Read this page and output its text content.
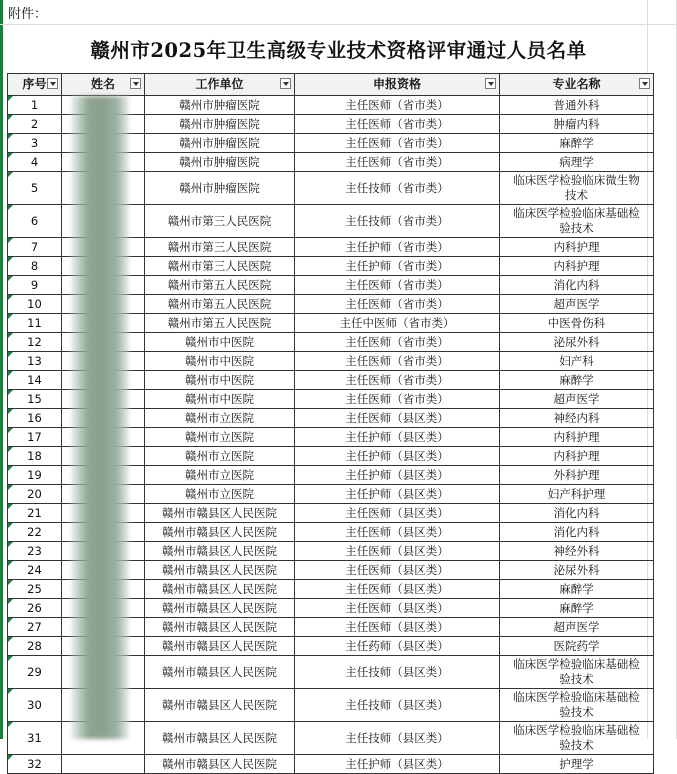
附件：
赣州市2025年卫生高级专业技术资格评审通过人员名单
序号	姓名	工作单位	申报资格	专业名称

1		赣州市肿瘤医院	主任医师（省市类）	普通外科
2		赣州市肿瘤医院	主任医师（省市类）	肿瘤内科
3		赣州市肿瘤医院	主任医师（省市类）	麻醉学
4		赣州市肿瘤医院	主任医师（省市类）	病理学
5		赣州市肿瘤医院	主任技师（省市类）	临床医学检验临床微生物
技术

6		赣州市第三人民医院	主任技师（省市类）	临床医学检验临床基础检
验技术

7		赣州市第三人民医院	主任护师（省市类）	内科护理
8		赣州市第三人民医院	主任护师（省市类）	内科护理
9		赣州市第五人民医院	主任医师（省市类）	消化内科
10		赣州市第五人民医院	主任医师（省市类）	超声医学
11		赣州市第五人民医院	主任中医师（省市类）	中医骨伤科
12		赣州市中医院	主任医师（省市类）	泌尿外科
13		赣州市中医院	主任医师（省市类）	妇产科
14		赣州市中医院	主任医师（省市类）	麻醉学
15		赣州市中医院	主任医师（省市类）	超声医学
16		赣州市立医院	主任医师（县区类）	神经内科
17		赣州市立医院	主任护师（县区类）	内科护理
18		赣州市立医院	主任护师（县区类）	内科护理
19		赣州市立医院	主任护师（县区类）	外科护理
20		赣州市立医院	主任护师（县区类）	妇产科护理
21		赣州市赣县区人民医院	主任医师（县区类）	消化内科
22		赣州市赣县区人民医院	主任医师（县区类）	消化内科
23		赣州市赣县区人民医院	主任医师（县区类）	神经外科
24		赣州市赣县区人民医院	主任医师（县区类）	泌尿外科
25		赣州市赣县区人民医院	主任医师（县区类）	麻醉学
26		赣州市赣县区人民医院	主任医师（县区类）	麻醉学
27		赣州市赣县区人民医院	主任医师（县区类）	超声医学
28		赣州市赣县区人民医院	主任药师（县区类）	医院药学
29		赣州市赣县区人民医院	主任技师（县区类）	临床医学检验临床基础检
验技术

30		赣州市赣县区人民医院	主任技师（县区类）	临床医学检验临床基础检
验技术

31		赣州市赣县区人民医院	主任技师（县区类）	临床医学检验临床基础检
验技术

32		赣州市赣县区人民医院	主任护师（县区类）	护理学
